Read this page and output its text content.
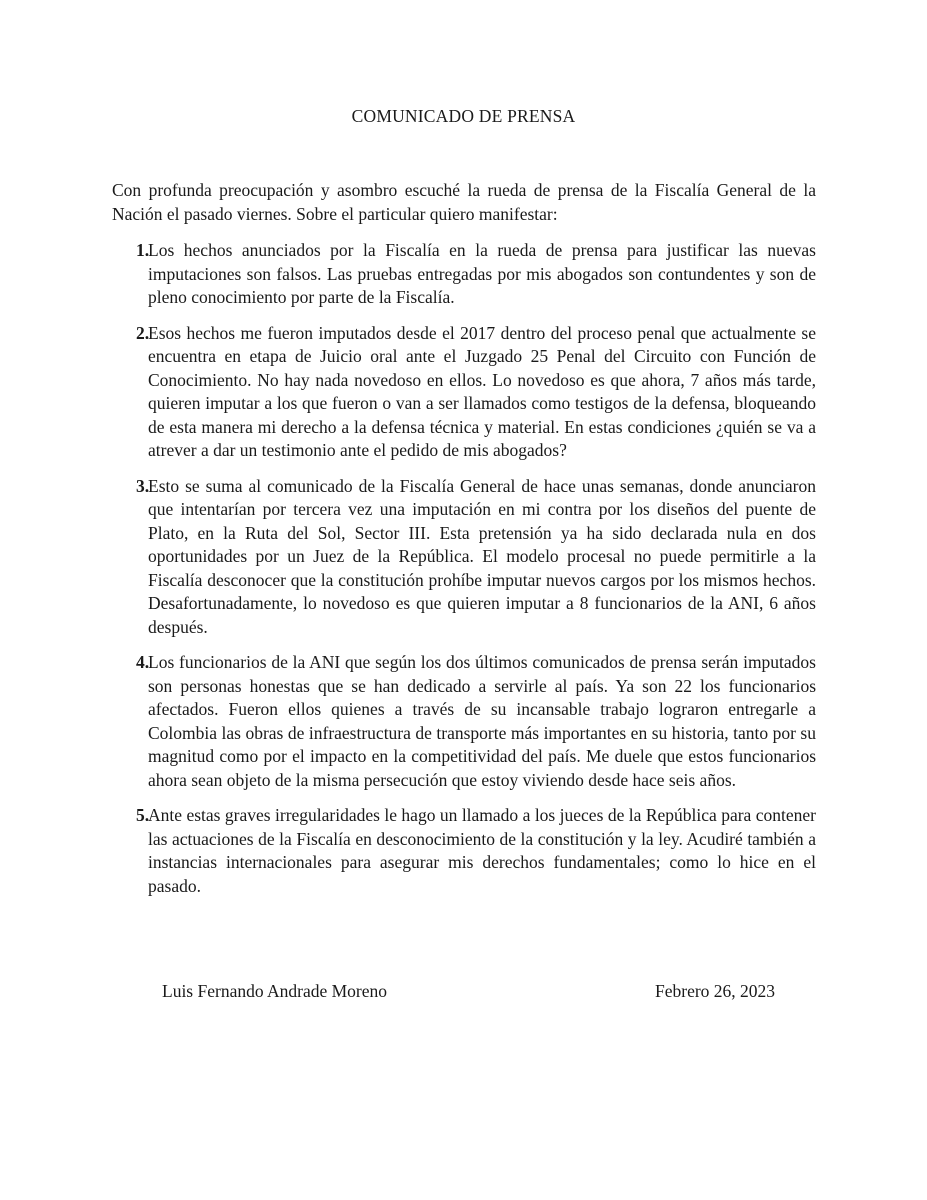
COMUNICADO DE PRENSA

Con profunda preocupación y asombro escuché la rueda de prensa de la Fiscalía General de la Nación el pasado viernes. Sobre el particular quiero manifestar:

1.
Los hechos anunciados por la Fiscalía en la rueda de prensa para justificar las nuevas imputaciones son falsos. Las pruebas entregadas por mis abogados son contundentes y son de pleno conocimiento por parte de la Fiscalía.
2.
Esos hechos me fueron imputados desde el 2017 dentro del proceso penal que actualmente se encuentra en etapa de Juicio oral ante el Juzgado 25 Penal del Circuito con Función de Conocimiento. No hay nada novedoso en ellos. Lo novedoso es que ahora, 7 años más tarde, quieren imputar a los que fueron o van a ser llamados como testigos de la defensa, bloqueando de esta manera mi derecho a la defensa técnica y material. En estas condiciones ¿quién se va a atrever a dar un testimonio ante el pedido de mis abogados?
3.
Esto se suma al comunicado de la Fiscalía General de hace unas semanas, donde anunciaron que intentarían por tercera vez una imputación en mi contra por los diseños del puente de Plato, en la Ruta del Sol, Sector III. Esta pretensión ya ha sido declarada nula en dos oportunidades por un Juez de la República. El modelo procesal no puede permitirle a la Fiscalía desconocer que la constitución prohíbe imputar nuevos cargos por los mismos hechos. Desafortunadamente, lo novedoso es que quieren imputar a 8 funcionarios de la ANI, 6 años después.
4.
Los funcionarios de la ANI que según los dos últimos comunicados de prensa serán imputados son personas honestas que se han dedicado a servirle al país. Ya son 22 los funcionarios afectados. Fueron ellos quienes a través de su incansable trabajo lograron entregarle a Colombia las obras de infraestructura de transporte más importantes en su historia, tanto por su magnitud como por el impacto en la competitividad del país. Me duele que estos funcionarios ahora sean objeto de la misma persecución que estoy viviendo desde hace seis años.
5.
Ante estas graves irregularidades le hago un llamado a los jueces de la República para contener las actuaciones de la Fiscalía en desconocimiento de la constitución y la ley. Acudiré también a instancias internacionales para asegurar mis derechos fundamentales; como lo hice en el pasado.
Luis Fernando Andrade Moreno	Febrero 26, 2023
